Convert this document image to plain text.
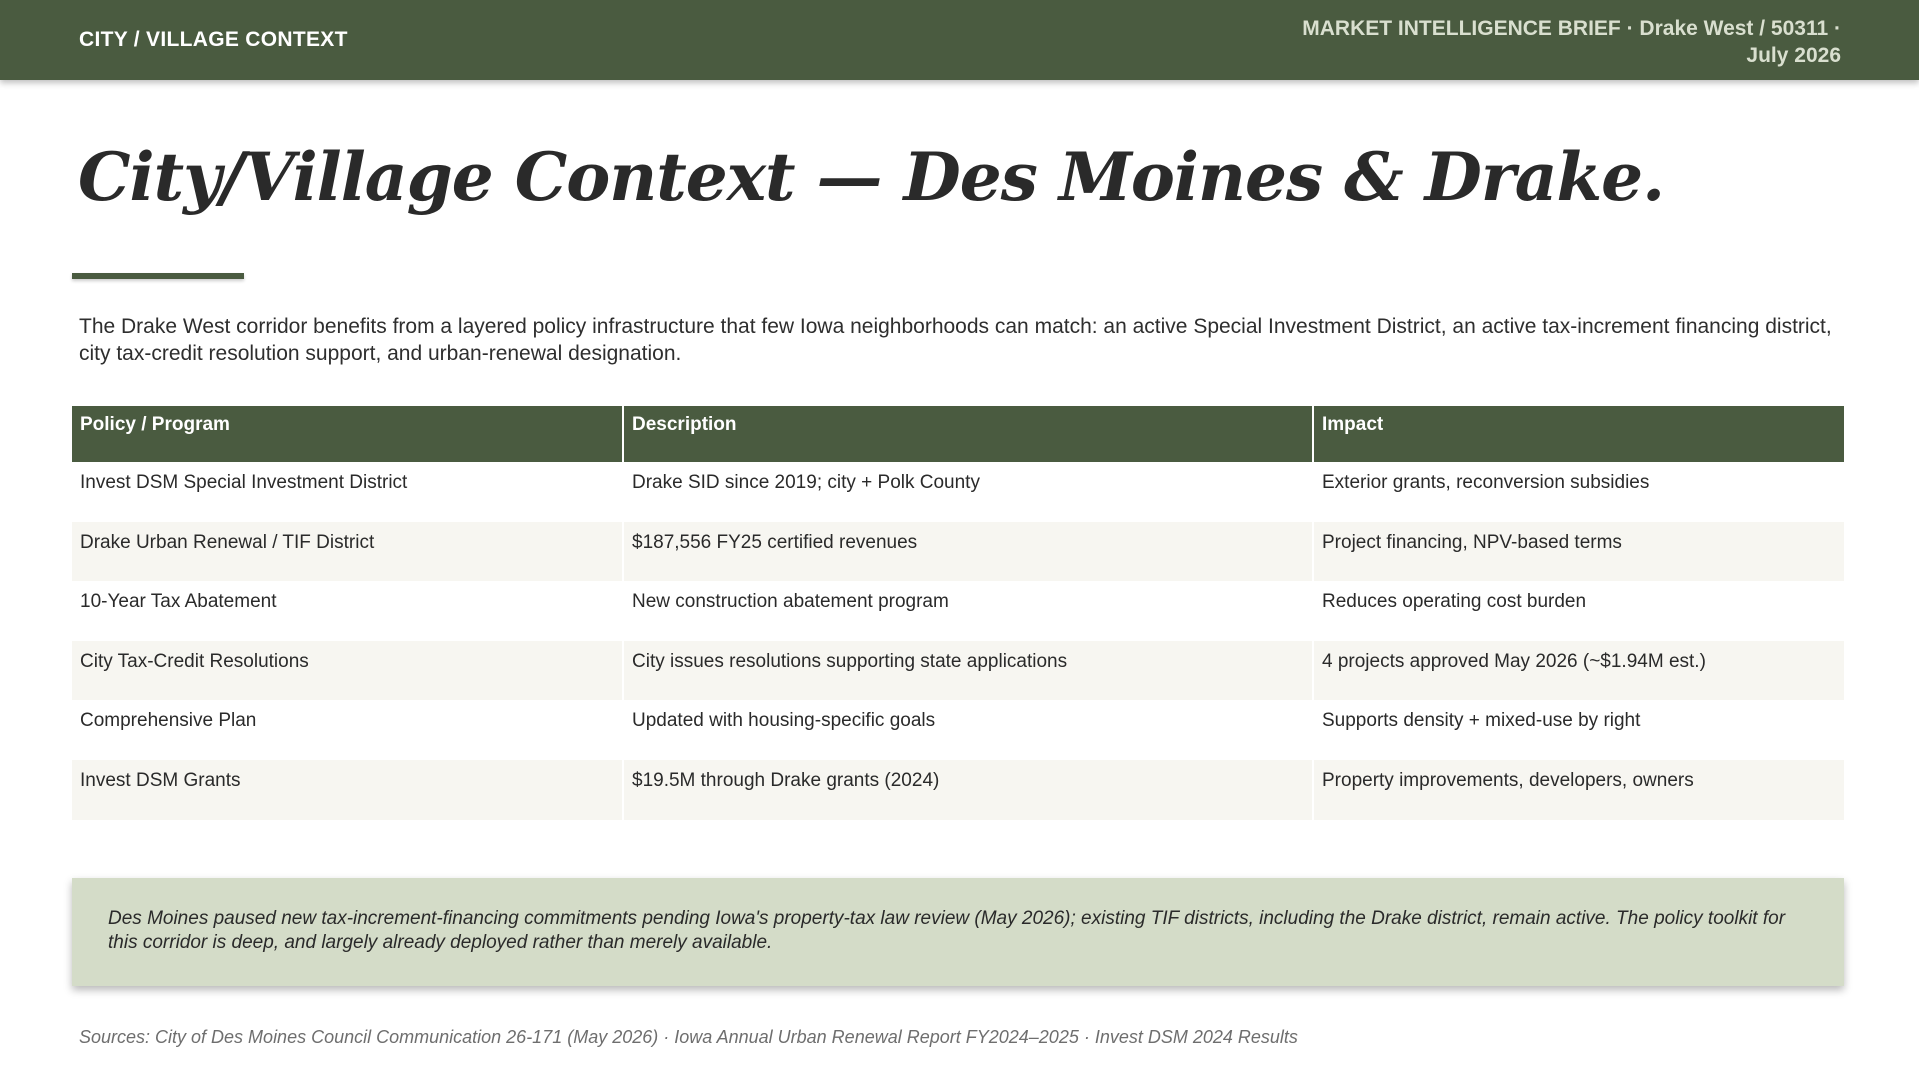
CITY / VILLAGE CONTEXT	MARKET INTELLIGENCE BRIEF · Drake West / 50311 ·
July 2026
City/Village Context — Des Moines & Drake.

The Drake West corridor benefits from a layered policy infrastructure that few Iowa neighborhoods can match: an active Special Investment District, an active tax-increment financing district, city tax-credit resolution support, and urban-renewal designation.

Policy / Program	Description	Impact
Invest DSM Special Investment District	Drake SID since 2019; city + Polk County	Exterior grants, reconversion subsidies
Drake Urban Renewal / TIF District	$187,556 FY25 certified revenues	Project financing, NPV-based terms
10-Year Tax Abatement	New construction abatement program	Reduces operating cost burden
City Tax-Credit Resolutions	City issues resolutions supporting state applications	4 projects approved May 2026 (~$1.94M est.)
Comprehensive Plan	Updated with housing-specific goals	Supports density + mixed-use by right
Invest DSM Grants	$19.5M through Drake grants (2024)	Property improvements, developers, owners
Des Moines paused new tax-increment-financing commitments pending Iowa's property-tax law review (May 2026); existing TIF districts, including the Drake district, remain active. The policy toolkit for this corridor is deep, and largely already deployed rather than merely available.
Sources: City of Des Moines Council Communication 26-171 (May 2026) · Iowa Annual Urban Renewal Report FY2024–2025 · Invest DSM 2024 Results
